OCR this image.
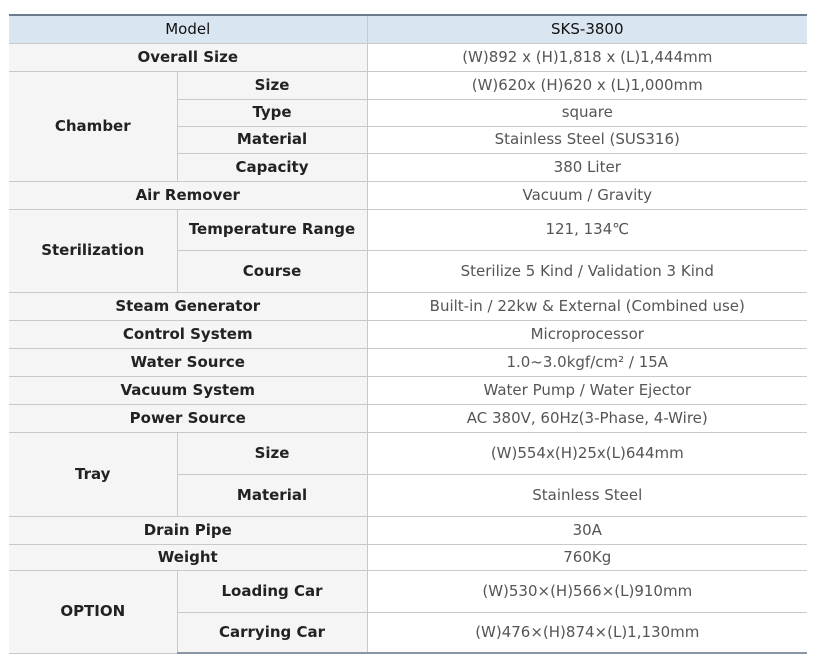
Model		SKS-3800
Overall Size		(W)892 x (H)1,818 x (L)1,444mm
Chamber	Size	(W)620x (H)620 x (L)1,000mm
	Type	square
	Material	Stainless Steel (SUS316)
	Capacity	380 Liter
Air Remover		Vacuum / Gravity
Sterilization	Temperature Range	121, 134℃
	Course	Sterilize 5 Kind / Validation 3 Kind
Steam Generator		Built-in / 22kw & External (Combined use)
Control System		Microprocessor
Water Source		1.0~3.0kgf/cm² / 15A
Vacuum System		Water Pump / Water Ejector
Power Source		AC 380V, 60Hz(3-Phase, 4-Wire)
Tray	Size	(W)554x(H)25x(L)644mm
	Material	Stainless Steel
Drain Pipe		30A
Weight		760Kg
OPTION	Loading Car	(W)530×(H)566×(L)910mm
	Carrying Car	(W)476×(H)874×(L)1,130mm
